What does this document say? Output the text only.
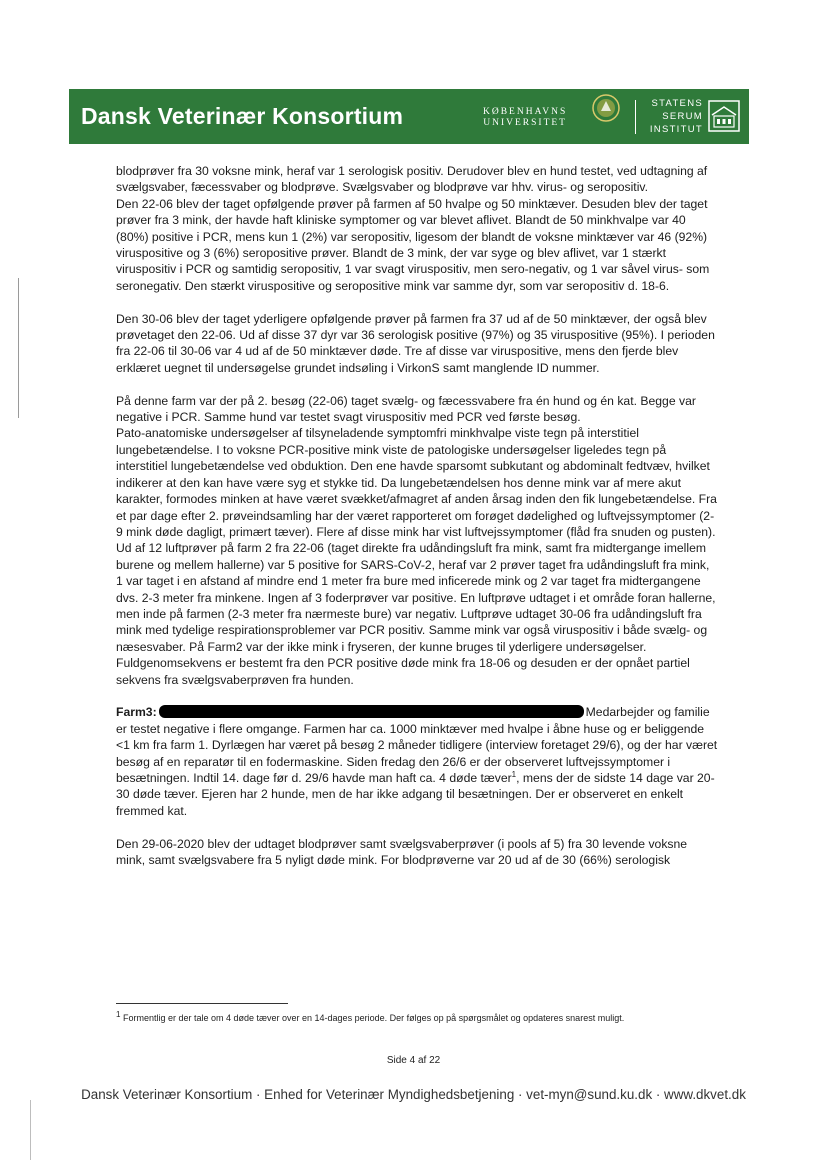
Dansk Veterinær Konsortium	KØBENHAVNS
UNIVERSITET
STATENS
SERUM
INSTITUT

blodprøver fra 30 voksne mink, heraf var 1 serologisk positiv. Derudover blev en hund testet, ved udtagning af svælgsvaber, fæcessvaber og blodprøve. Svælgsvaber og blodprøve var hhv. virus- og seropositiv.

Den 22-06 blev der taget opfølgende prøver på farmen af 50 hvalpe og 50 minktæver. Desuden blev der taget prøver fra 3 mink, der havde haft kliniske symptomer og var blevet aflivet. Blandt de 50 minkhvalpe var 40 (80%) positive i PCR, mens kun 1 (2%) var seropositiv, ligesom der blandt de voksne minktæver var 46 (92%) viruspositive og 3 (6%) seropositive prøver. Blandt de 3 mink, der var syge og blev aflivet, var 1 stærkt viruspositiv i PCR og samtidig seropositiv, 1 var svagt viruspositiv, men sero-negativ, og 1 var såvel virus- som seronegativ. Den stærkt viruspositive og seropositive mink var samme dyr, som var seropositiv d. 18-6.

Den 30-06 blev der taget yderligere opfølgende prøver på farmen fra 37 ud af de 50 minktæver, der også blev prøvetaget den 22-06. Ud af disse 37 dyr var 36 serologisk positive (97%) og 35 viruspositive (95%). I perioden fra 22-06 til 30-06 var 4 ud af de 50 minktæver døde. Tre af disse var viruspositive, mens den fjerde blev erklæret uegnet til undersøgelse grundet indsøling i VirkonS samt manglende ID nummer.

På denne farm var der på 2. besøg (22-06) taget svælg- og fæcessvabere fra én hund og én kat. Begge var negative i PCR. Samme hund var testet svagt viruspositiv med PCR ved første besøg.

Pato-anatomiske undersøgelser af tilsyneladende symptomfri minkhvalpe viste tegn på interstitiel lungebetændelse. I to voksne PCR-positive mink viste de patologiske undersøgelser ligeledes tegn på interstitiel lungebetændelse ved obduktion. Den ene havde sparsomt subkutant og abdominalt fedtvæv, hvilket indikerer at den kan have være syg et stykke tid. Da lungebetændelsen hos denne mink var af mere akut karakter, formodes minken at have været svækket/afmagret af anden årsag inden den fik lungebetændelse. Fra et par dage efter 2. prøveindsamling har der været rapporteret om forøget dødelighed og luftvejssymptomer (2-9 mink døde dagligt, primært tæver). Flere af disse mink har vist luftvejssymptomer (flåd fra snuden og pusten).

Ud af 12 luftprøver på farm 2 fra 22-06 (taget direkte fra udåndingsluft fra mink, samt fra midtergange imellem burene og mellem hallerne) var 5 positive for SARS-CoV-2, heraf var 2 prøver taget fra udåndingsluft fra mink, 1 var taget i en afstand af mindre end 1 meter fra bure med inficerede mink og 2 var taget fra midtergangene dvs. 2-3 meter fra minkene. Ingen af 3 foderprøver var positive. En luftprøve udtaget i et område foran hallerne, men inde på farmen (2-3 meter fra nærmeste bure) var negativ. Luftprøve udtaget 30-06 fra udåndingsluft fra mink med tydelige respirationsproblemer var PCR positiv. Samme mink var også viruspositiv i både svælg- og næsesvaber. På Farm2 var der ikke mink i fryseren, der kunne bruges til yderligere undersøgelser.

Fuldgenomsekvens er bestemt fra den PCR positive døde mink fra 18-06 og desuden er der opnået partiel sekvens fra svælgsvaberprøven fra hunden.

Farm3:	Medarbejder og familie er testet negative i flere omgange. Farmen har ca. 1000 minktæver med hvalpe i åbne huse og er beliggende <1 km fra farm 1. Dyrlægen har været på besøg 2 måneder tidligere (interview foretaget 29/6), og der har været besøg af en reparatør til en fodermaskine. Siden fredag den 26/6 er der observeret luftvejssymptomer i besætningen. Indtil 14. dage før d. 29/6 havde man haft ca. 4 døde tæver$^1$, mens der de sidste 14 dage var 20-30 døde tæver. Ejeren har 2 hunde, men de har ikke adgang til besætningen. Der er observeret en enkelt fremmed kat.

Den 29-06-2020 blev der udtaget blodprøver samt svælgsvaberprøver (i pools af 5) fra 30 levende voksne mink, samt svælgsvabere fra 5 nyligt døde mink. For blodprøverne var 20 ud af de 30 (66%) serologisk

$^1$ Formentlig er der tale om 4 døde tæver over en 14-dages periode. Der følges op på spørgsmålet og opdateres snarest muligt.
Side 4 af 22
Dansk Veterinær Konsortium · Enhed for Veterinær Myndighedsbetjening · vet-myn@sund.ku.dk · www.dkvet.dk
